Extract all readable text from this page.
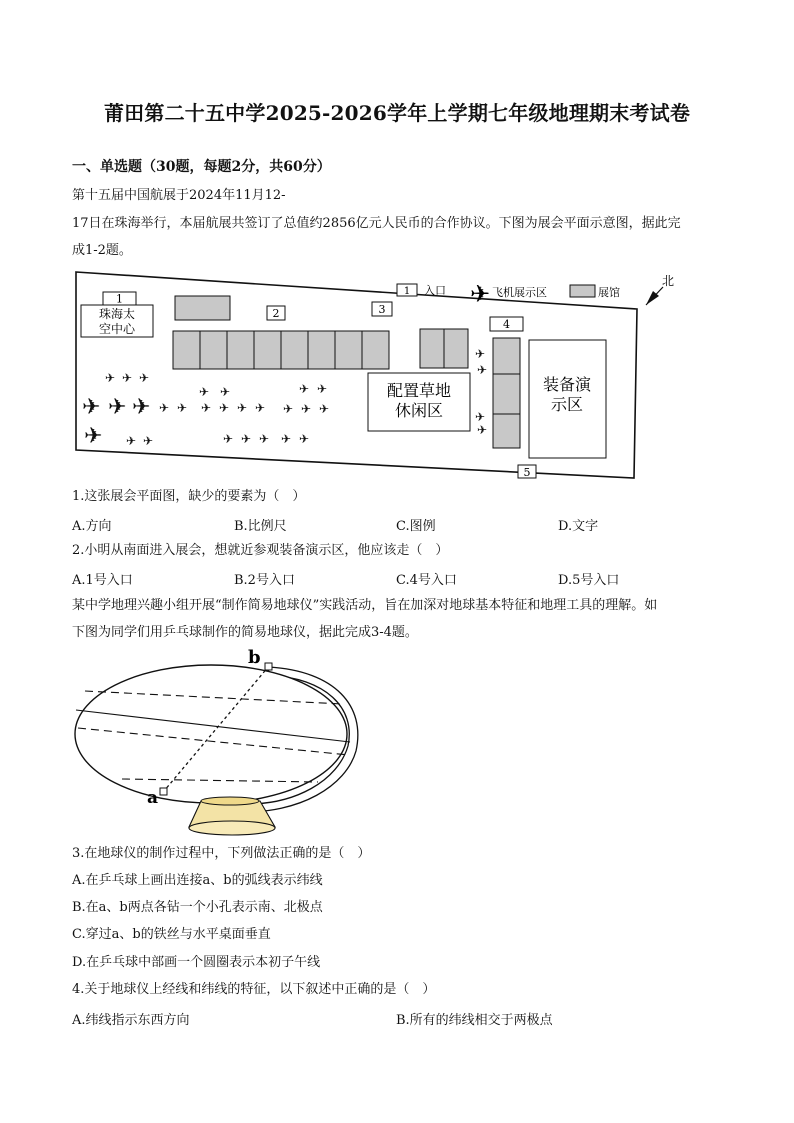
莆田第二十五中学2025-2026学年上学期七年级地理期末考试卷
一、单选题（30题，每题2分，共60分）
第十五届中国航展于2024年11月12-
17日在珠海举行，本届航展共签订了总值约2856亿元人民币的合作协议。下图为展会平面示意图，据此完
成1-2题。
1
珠海太
空中心
2	3
配置草地
休闲区
4
装备演
示区
5
1 入口 ✈ 飞机展示区	展馆
北
✈ ✈ ✈
✈ ✈	✈ ✈
✈ ✈ ✈ ✈ ✈ ✈ ✈ ✈ ✈
✈ ✈	✈ ✈ ✈ ✈ ✈
✈
✈
✈
✈
✈ ✈ ✈
✈
1.这张展会平面图，缺少的要素为（　）
A.方向	B.比例尺	C.图例	D.文字
2.小明从南面进入展会，想就近参观装备演示区，他应该走（　）
A.1号入口	B.2号入口	C.4号入口	D.5号入口
某中学地理兴趣小组开展“制作简易地球仪”实践活动，旨在加深对地球基本特征和地理工具的理解。如
下图为同学们用乒乓球制作的简易地球仪，据此完成3-4题。
b
a
3.在地球仪的制作过程中，下列做法正确的是（　）
A.在乒乓球上画出连接a、b的弧线表示纬线
B.在a、b两点各钻一个小孔表示南、北极点
C.穿过a、b的铁丝与水平桌面垂直
D.在乒乓球中部画一个圆圈表示本初子午线
4.关于地球仪上经线和纬线的特征，以下叙述中正确的是（　）
A.纬线指示东西方向	B.所有的纬线相交于两极点
